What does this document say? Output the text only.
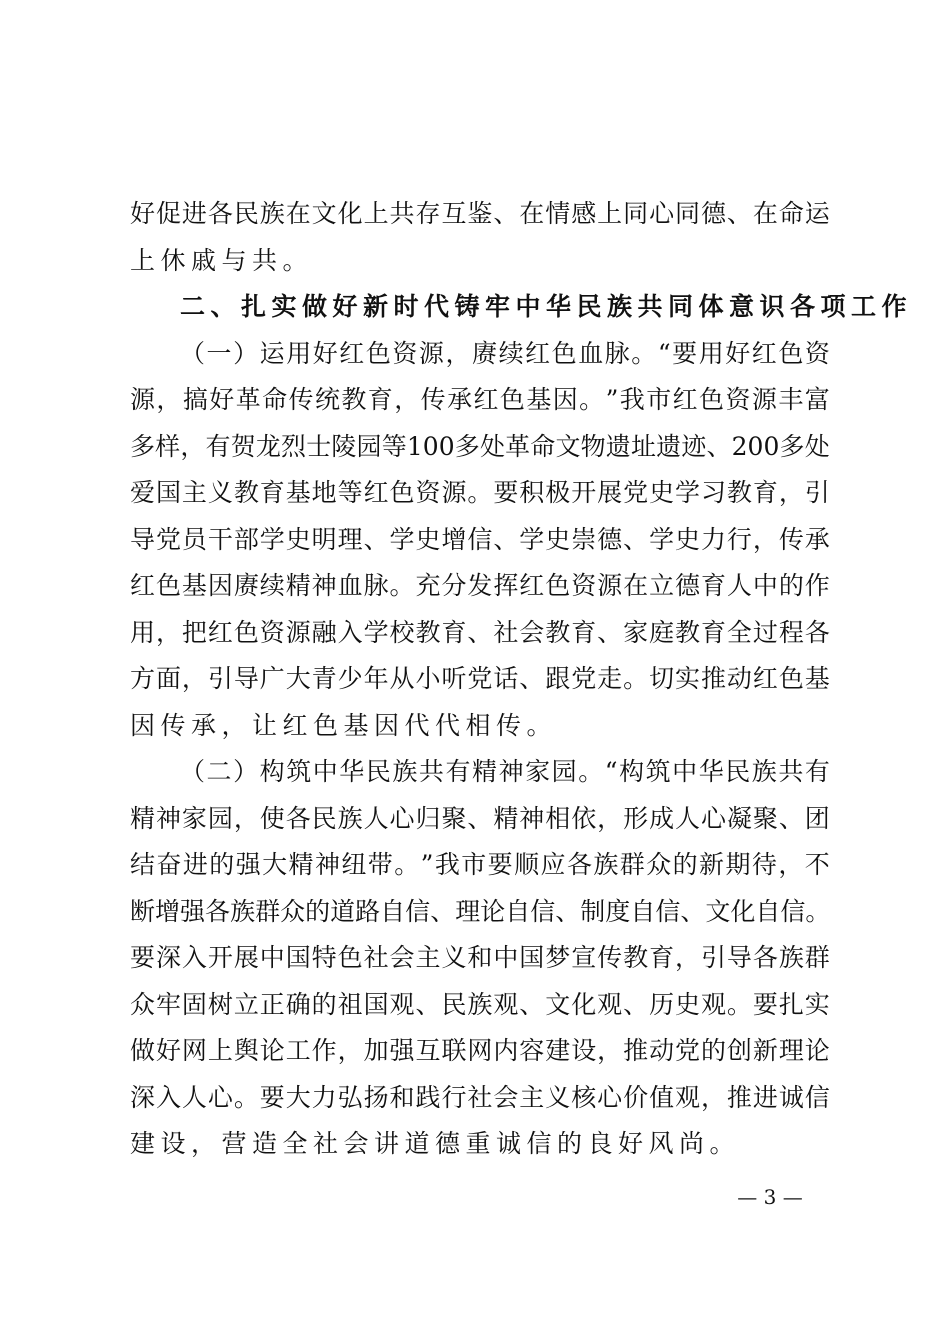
好 促 进 各 民 族 在 文 化 上 共 存 互 鉴 、 在 情 感 上 同 心 同 德 、 在 命 运
上休戚与共。
二、扎实做好新时代铸牢中华民族共同体意识各项工作
（ 一 ） 运 用 好 红 色 资 源 ， 赓 续 红 色 血 脉 。 “ 要 用 好 红 色 资
源 ， 搞 好 革 命 传 统 教 育 ， 传 承 红 色 基 因 。 ” 我 市 红 色 资 源 丰 富
多 样 ， 有 贺 龙 烈 士 陵 园 等 100 多 处 革 命 文 物 遗 址 遗 迹 、 200 多 处
爱 国 主 义 教 育 基 地 等 红 色 资 源 。 要 积 极 开 展 党 史 学 习 教 育 ， 引
导 党 员 干 部 学 史 明 理 、 学 史 增 信 、 学 史 崇 德 、 学 史 力 行 ， 传 承
红 色 基 因 赓 续 精 神 血 脉 。 充 分 发 挥 红 色 资 源 在 立 德 育 人 中 的 作
用 ， 把 红 色 资 源 融 入 学 校 教 育 、 社 会 教 育 、 家 庭 教 育 全 过 程 各
方 面 ， 引 导 广 大 青 少 年 从 小 听 党 话 、 跟 党 走 。 切 实 推 动 红 色 基
因传承，让红色基因代代相传。
（ 二 ） 构 筑 中 华 民 族 共 有 精 神 家 园 。 “ 构 筑 中 华 民 族 共 有
精 神 家 园 ， 使 各 民 族 人 心 归 聚 、 精 神 相 依 ， 形 成 人 心 凝 聚 、 团
结 奋 进 的 强 大 精 神 纽 带 。 ” 我 市 要 顺 应 各 族 群 众 的 新 期 待 ， 不
断 增 强 各 族 群 众 的 道 路 自 信 、 理 论 自 信 、 制 度 自 信 、 文 化 自 信 。
要 深 入 开 展 中 国 特 色 社 会 主 义 和 中 国 梦 宣 传 教 育 ， 引 导 各 族 群
众 牢 固 树 立 正 确 的 祖 国 观 、 民 族 观 、 文 化 观 、 历 史 观 。 要 扎 实
做 好 网 上 舆 论 工 作 ， 加 强 互 联 网 内 容 建 设 ， 推 动 党 的 创 新 理 论
深 入 人 心 。 要 大 力 弘 扬 和 践 行 社 会 主 义 核 心 价 值 观 ， 推 进 诚 信
建设，营造全社会讲道德重诚信的良好风尚。
— 3 —
